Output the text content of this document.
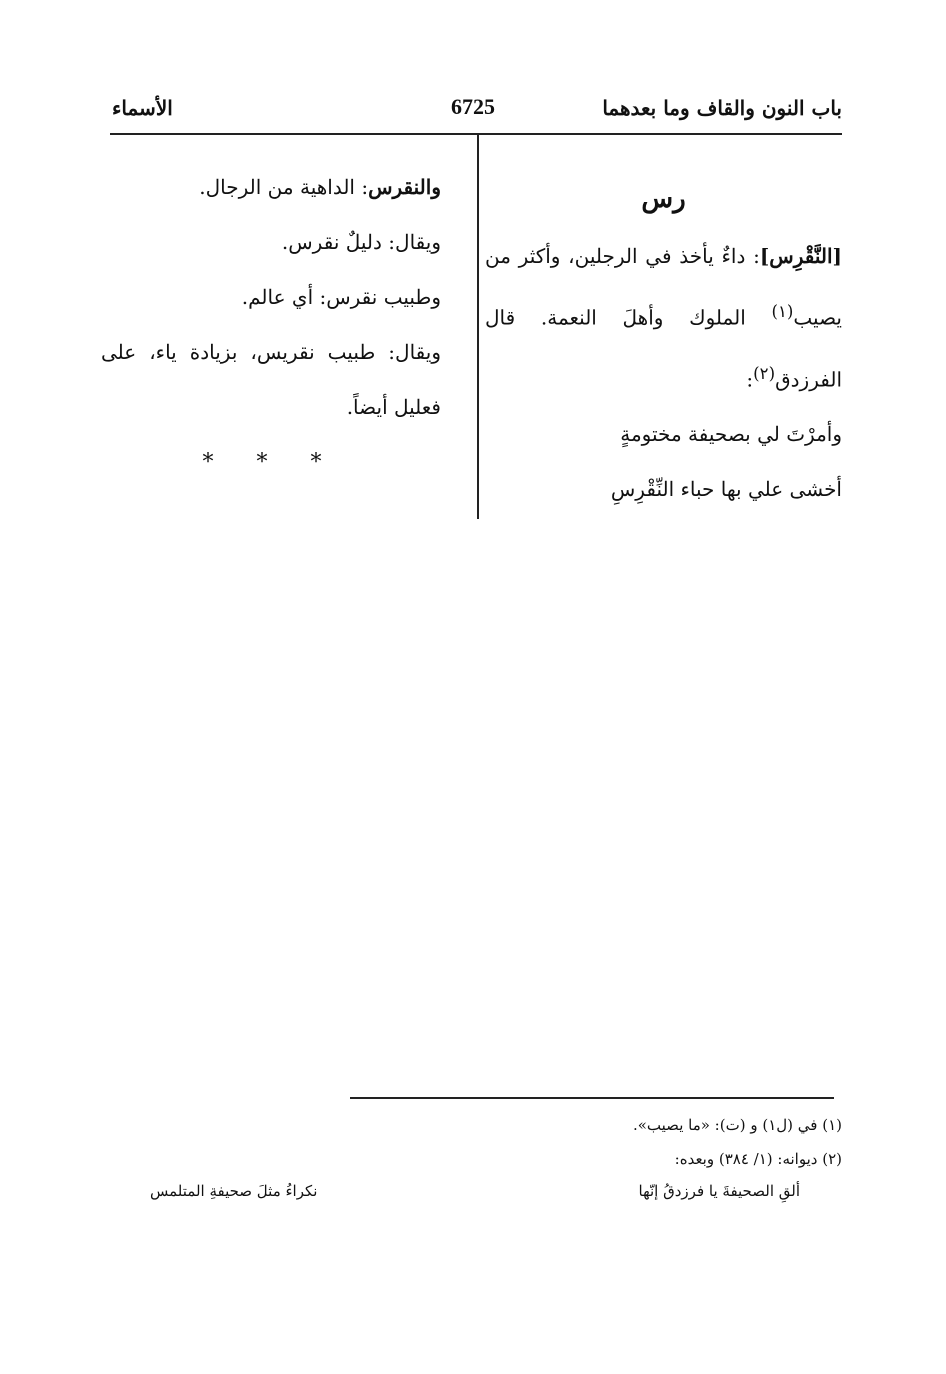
باب النون والقاف وما بعدهما
6725
الأسماء
رس
[النَّقْرِس]: داءٌ يأخذ في الرجلين، وأكثر من يصيب$^{(١)}$ الملوك وأهلَ النعمة. قال الفرزدق$^{(٢)}$:
وأمرْتَ لي بصحيفة مختومةٍ
أخشى علي بها حباء النِّقْرِسِ
والنقرس: الداهية من الرجال.
ويقال: دليلٌ نقرس.
وطبيب نقرس: أي عالم.
ويقال: طبيب نقريس، بزيادة ياء، على فعليل أيضاً.
* * *
(١) في (ل١) و (ت): «ما يصيب».
(٢) ديوانه: (١/ ٣٨٤) وبعده:
ألقِ الصحيفةَ يا فرزدقُ إنّها
نكراءُ مثلَ صحيفةِ المتلمس
